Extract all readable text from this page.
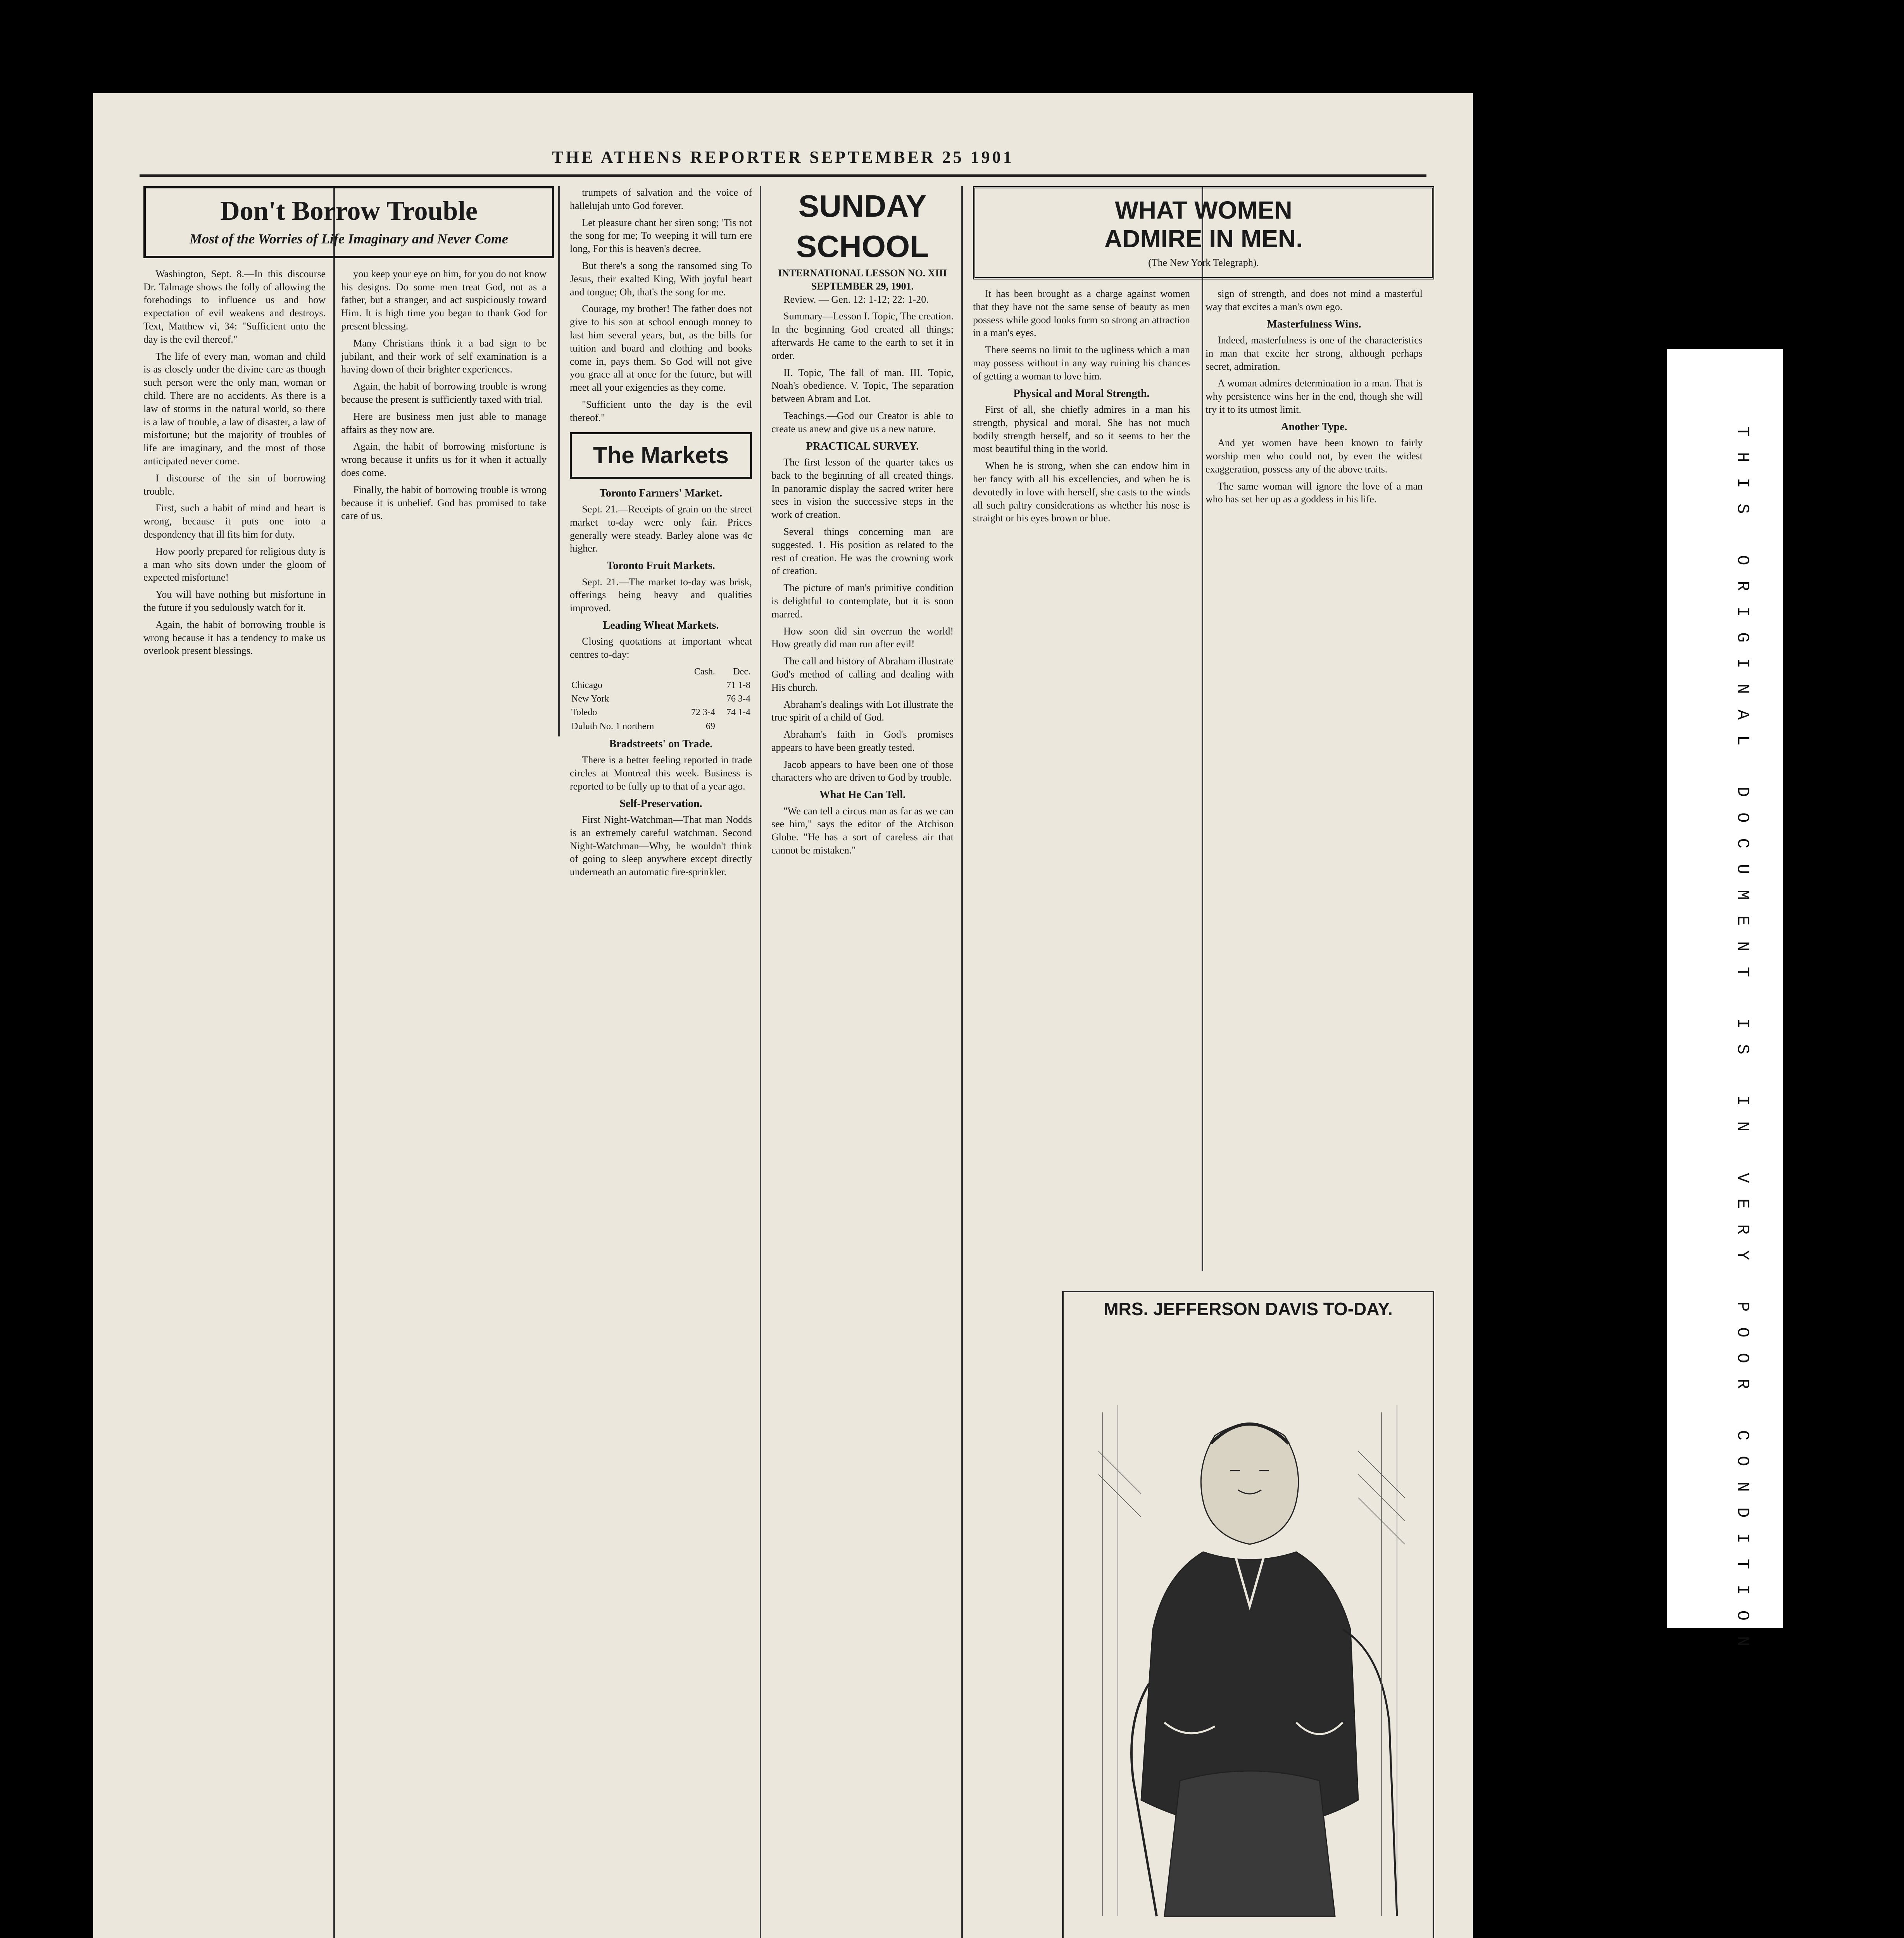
THE ATHENS REPORTER SEPTEMBER 25 1901
Don't Borrow Trouble
Most of the Worries of Life Imaginary and Never Come

Washington, Sept. 8.—In this discourse Dr. Talmage shows the folly of allowing the forebodings to influence us and how expectation of evil weakens and destroys. Text, Matthew vi, 34: "Sufficient unto the day is the evil thereof."

The life of every man, woman and child is as closely under the divine care as though such person were the only man, woman or child. There are no accidents. As there is a law of storms in the natural world, so there is a law of trouble, a law of disaster, a law of misfortune; but the majority of troubles of life are imaginary, and the most of those anticipated never come.

I discourse of the sin of borrowing trouble.

First, such a habit of mind and heart is wrong, because it puts one into a despondency that ill fits him for duty.

How poorly prepared for religious duty is a man who sits down under the gloom of expected misfortune!

You will have nothing but misfortune in the future if you sedulously watch for it.

Again, the habit of borrowing trouble is wrong because it has a tendency to make us overlook present blessings.

you keep your eye on him, for you do not know his designs. Do some men treat God, not as a father, but a stranger, and act suspiciously toward Him. It is high time you began to thank God for present blessing.

Many Christians think it a bad sign to be jubilant, and their work of self examination is a having down of their brighter experiences.

Again, the habit of borrowing trouble is wrong because the present is sufficiently taxed with trial.

Here are business men just able to manage affairs as they now are.

Again, the habit of borrowing misfortune is wrong because it unfits us for it when it actually does come.

Finally, the habit of borrowing trouble is wrong because it is unbelief. God has promised to take care of us.

trumpets of salvation and the voice of hallelujah unto God forever.

Let pleasure chant her siren song; 'Tis not the song for me; To weeping it will turn ere long, For this is heaven's decree.

But there's a song the ransomed sing To Jesus, their exalted King, With joyful heart and tongue; Oh, that's the song for me.

Courage, my brother! The father does not give to his son at school enough money to last him several years, but, as the bills for tuition and board and clothing and books come in, pays them. So God will not give you grace all at once for the future, but will meet all your exigencies as they come.

"Sufficient unto the day is the evil thereof."

The Markets
Toronto Farmers' Market.

Sept. 21.—Receipts of grain on the street market to-day were only fair. Prices generally were steady. Barley alone was 4c higher.

Toronto Fruit Markets.

Sept. 21.—The market to-day was brisk, offerings being heavy and qualities improved.

Leading Wheat Markets.

Closing quotations at important wheat centres to-day:

	Cash.	Dec.
Chicago		71 1-8
New York		76 3-4
Toledo	72 3-4	74 1-4
Duluth No. 1 northern	69	
Bradstreets' on Trade.

There is a better feeling reported in trade circles at Montreal this week. Business is reported to be fully up to that of a year ago.

Self-Preservation.

First Night-Watchman—That man Nodds is an extremely careful watchman. Second Night-Watchman—Why, he wouldn't think of going to sleep anywhere except directly underneath an automatic fire-sprinkler.

SUNDAY SCHOOL
INTERNATIONAL LESSON NO. XIII SEPTEMBER 29, 1901.

Review. — Gen. 12: 1-12; 22: 1-20.

Summary—Lesson I. Topic, The creation. In the beginning God created all things; afterwards He came to the earth to set it in order.

II. Topic, The fall of man. III. Topic, Noah's obedience. V. Topic, The separation between Abram and Lot.

Teachings.—God our Creator is able to create us anew and give us a new nature.

PRACTICAL SURVEY.

The first lesson of the quarter takes us back to the beginning of all created things. In panoramic display the sacred writer here sees in vision the successive steps in the work of creation.

Several things concerning man are suggested. 1. His position as related to the rest of creation. He was the crowning work of creation.

The picture of man's primitive condition is delightful to contemplate, but it is soon marred.

How soon did sin overrun the world! How greatly did man run after evil!

The call and history of Abraham illustrate God's method of calling and dealing with His church.

Abraham's dealings with Lot illustrate the true spirit of a child of God.

Abraham's faith in God's promises appears to have been greatly tested.

Jacob appears to have been one of those characters who are driven to God by trouble.

What He Can Tell.

"We can tell a circus man as far as we can see him," says the editor of the Atchison Globe. "He has a sort of careless air that cannot be mistaken."

WHAT WOMEN
ADMIRE IN MEN.
(The New York Telegraph).

It has been brought as a charge against women that they have not the same sense of beauty as men possess while good looks form so strong an attraction in a man's eyes.

There seems no limit to the ugliness which a man may possess without in any way ruining his chances of getting a woman to love him.

Physical and Moral Strength.

First of all, she chiefly admires in a man his strength, physical and moral. She has not much bodily strength herself, and so it seems to her the most beautiful thing in the world.

When he is strong, when she can endow him in her fancy with all his excellencies, and when he is devotedly in love with herself, she casts to the winds all such paltry considerations as whether his nose is straight or his eyes brown or blue.

sign of strength, and does not mind a masterful way that excites a man's own ego.

Masterfulness Wins.

Indeed, masterfulness is one of the characteristics in man that excite her strong, although perhaps secret, admiration.

A woman admires determination in a man. That is why persistence wins her in the end, though she will try it to its utmost limit.

Another Type.

And yet women have been known to fairly worship men who could not, by even the widest exaggeration, possess any of the above traits.

The same woman will ignore the love of a man who has set her up as a goddess in his life.

MRS. JEFFERSON DAVIS TO-DAY.	THIS ORIGINAL DOCUMENT IS IN VERY POOR CONDITION
